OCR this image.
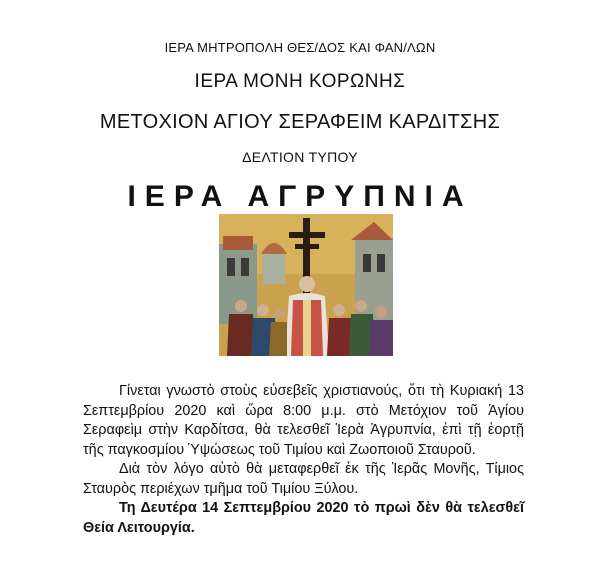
ΙΕΡΑ ΜΗΤΡΟΠΟΛΗ ΘΕΣ/ΔΟΣ ΚΑΙ ΦΑΝ/ΛΩΝ
ΙΕΡΑ ΜΟΝΗ ΚΟΡΩΝΗΣ
ΜΕΤΟΧΙΟΝ ΑΓΙΟΥ ΣΕΡΑΦΕΙΜ ΚΑΡΔΙΤΣΗΣ
ΔΕΛΤΙΟΝ ΤΥΠΟΥ
ΙΕΡΑ ΑΓΡΥΠΝΙΑ

Γίνεται γνωστὸ στοὺς εὐσεβεῖς χριστιανούς, ὅτι τὴ Κυριακή 13 Σεπτεμβρίου 2020 καὶ ὥρα 8:00 μ.μ. στὸ Μετόχιον τοῦ Ἁγίου Σεραφεὶμ στὴν Καρδίτσα, θὰ τελεσθεῖ Ἱερὰ Ἀγρυπνία, ἐπὶ τῇ ἑορτῇ τῆς παγκοσμίου Ὑψώσεως τοῦ Τιμίου καὶ Ζωοποιοῦ Σταυροῦ.

Διὰ τὸν λόγο αὐτὸ θὰ μεταφερθεῖ ἐκ τῆς Ἱερᾶς Μονῆς, Τίμιος Σταυρὸς περιέχων τμῆμα τοῦ Τιμίου Ξύλου.

Τη Δευτέρα 14 Σεπτεμβρίου 2020 τὸ πρωὶ δὲν θὰ τελεσθεῖ Θεία Λειτουργία.
